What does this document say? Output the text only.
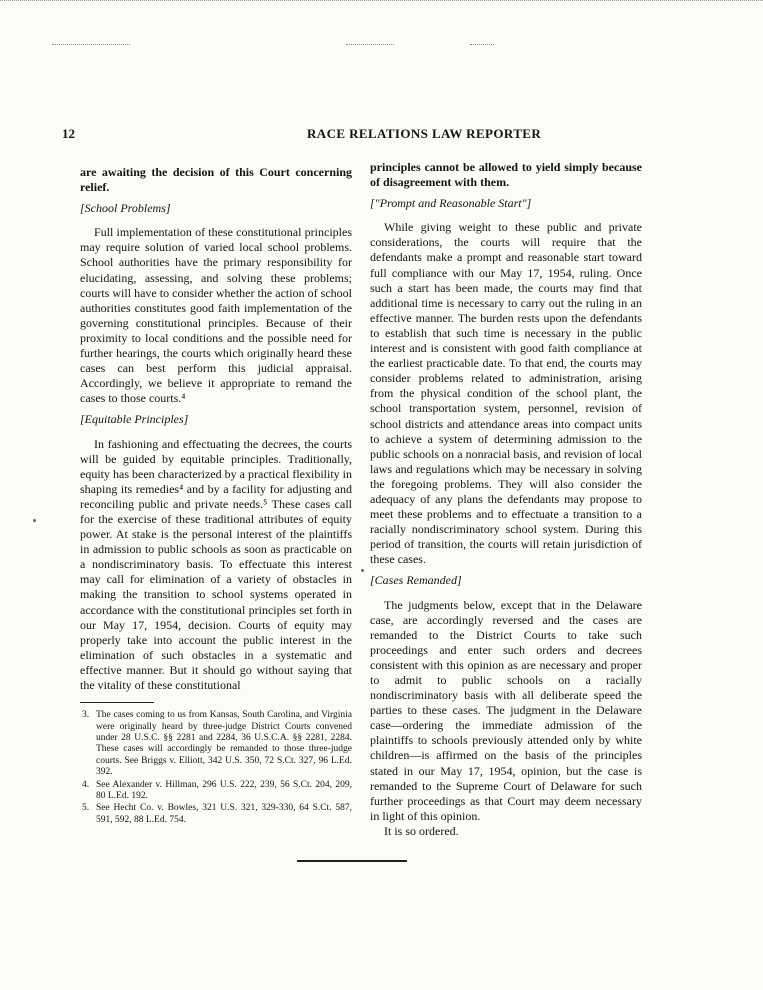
12	RACE RELATIONS LAW REPORTER

are awaiting the decision of this Court concerning relief.

[School Problems]

Full implementation of these constitutional principles may require solution of varied local school problems. School authorities have the primary responsibility for elucidating, assessing, and solving these problems; courts will have to consider whether the action of school authorities constitutes good faith implementation of the governing constitutional principles. Because of their proximity to local conditions and the possible need for further hearings, the courts which originally heard these cases can best perform this judicial appraisal. Accordingly, we believe it appropriate to remand the cases to those courts.⁴

[Equitable Principles]

In fashioning and effectuating the decrees, the courts will be guided by equitable principles. Traditionally, equity has been characterized by a practical flexibility in shaping its remedies⁴ and by a facility for adjusting and reconciling public and private needs.⁵ These cases call for the exercise of these traditional attributes of equity power. At stake is the personal interest of the plaintiffs in admission to public schools as soon as practicable on a nondiscriminatory basis. To effectuate this interest may call for elimination of a variety of obstacles in making the transition to school systems operated in accordance with the constitutional principles set forth in our May 17, 1954, decision. Courts of equity may properly take into account the public interest in the elimination of such obstacles in a systematic and effective manner. But it should go without saying that the vitality of these constitutional

3. The cases coming to us from Kansas, South Carolina, and Virginia were originally heard by three-judge District Courts convened under 28 U.S.C. §§ 2281 and 2284, 36 U.S.C.A. §§ 2281, 2284. These cases will accordingly be remanded to those three-judge courts. See Briggs v. Elliott, 342 U.S. 350, 72 S.Ct. 327, 96 L.Ed. 392.
4. See Alexander v. Hillman, 296 U.S. 222, 239, 56 S.Ct. 204, 209, 80 L.Ed. 192.
5. See Hecht Co. v. Bowles, 321 U.S. 321, 329-330, 64 S.Ct. 587, 591, 592, 88 L.Ed. 754.

principles cannot be allowed to yield simply because of disagreement with them.

["Prompt and Reasonable Start"]

While giving weight to these public and private considerations, the courts will require that the defendants make a prompt and reasonable start toward full compliance with our May 17, 1954, ruling. Once such a start has been made, the courts may find that additional time is necessary to carry out the ruling in an effective manner. The burden rests upon the defendants to establish that such time is necessary in the public interest and is consistent with good faith compliance at the earliest practicable date. To that end, the courts may consider problems related to administration, arising from the physical condition of the school plant, the school transportation system, personnel, revision of school districts and attendance areas into compact units to achieve a system of determining admission to the public schools on a nonracial basis, and revision of local laws and regulations which may be necessary in solving the foregoing problems. They will also consider the adequacy of any plans the defendants may propose to meet these problems and to effectuate a transition to a racially nondiscriminatory school system. During this period of transition, the courts will retain jurisdiction of these cases.

[Cases Remanded]

The judgments below, except that in the Delaware case, are accordingly reversed and the cases are remanded to the District Courts to take such proceedings and enter such orders and decrees consistent with this opinion as are necessary and proper to admit to public schools on a racially nondiscriminatory basis with all deliberate speed the parties to these cases. The judgment in the Delaware case—ordering the immediate admission of the plaintiffs to schools previously attended only by white children—is affirmed on the basis of the principles stated in our May 17, 1954, opinion, but the case is remanded to the Supreme Court of Delaware for such further proceedings as that Court may deem necessary in light of this opinion.

It is so ordered.
